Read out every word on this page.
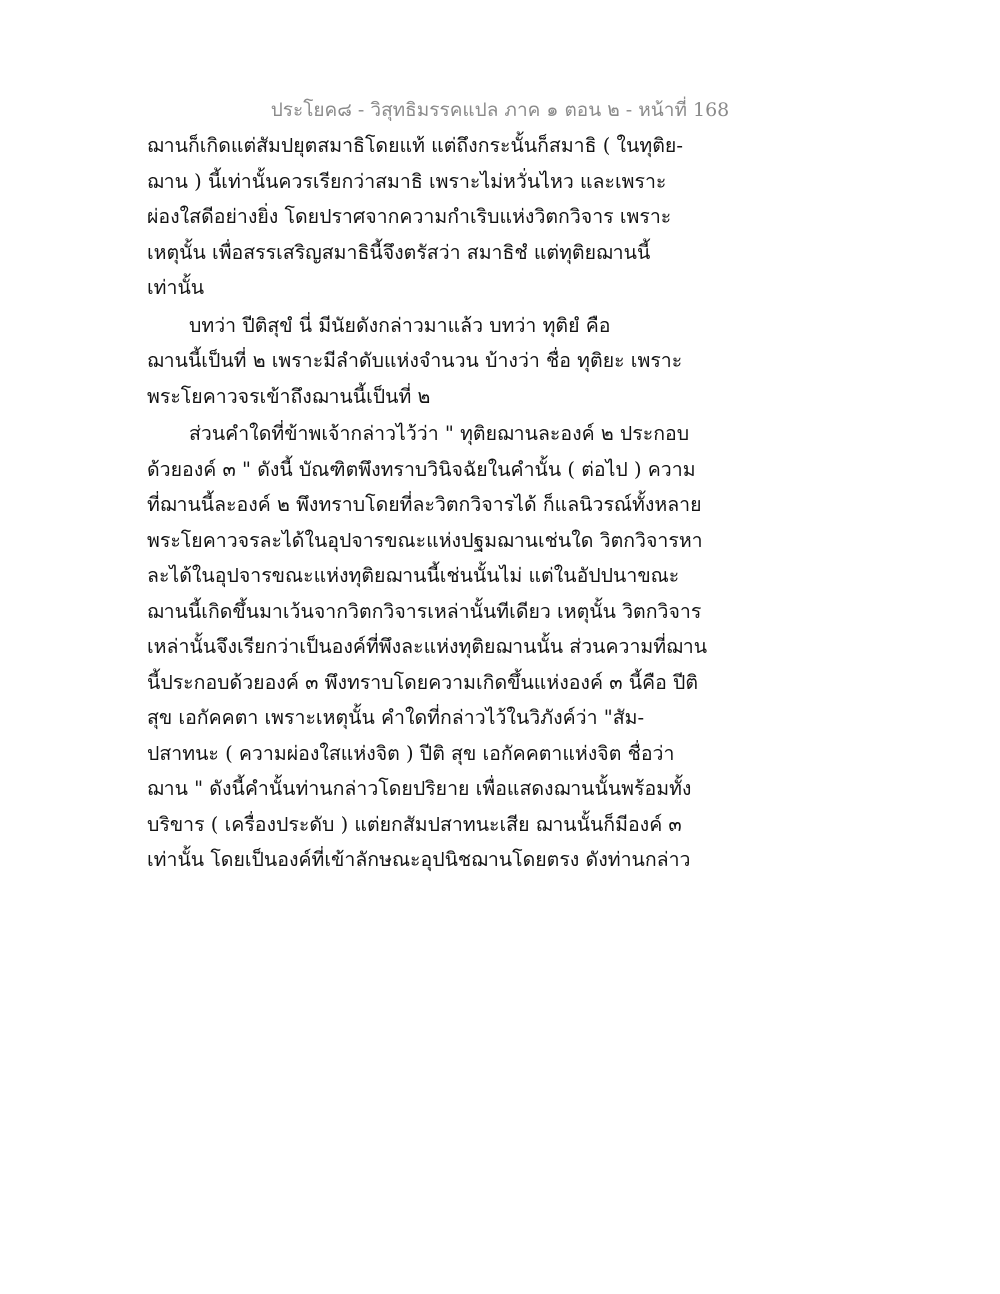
ประโยค๘ - วิสุทธิมรรคแปล ภาค ๑ ตอน ๒ - หน้าที่ 168
ฌานก็เกิดแต่สัมปยุตสมาธิโดยแท้ แต่ถึงกระนั้นก็สมาธิ ( ในทุติย-
ฌาน ) นี้เท่านั้นควรเรียกว่าสมาธิ เพราะไม่หวั่นไหว และเพราะ
ผ่องใสดีอย่างยิ่ง โดยปราศจากความกำเริบแห่งวิตกวิจาร เพราะ
เหตุนั้น เพื่อสรรเสริญสมาธินี้จึงตรัสว่า สมาธิชํ แต่ทุติยฌานนี้
เท่านั้น
บทว่า ปีติสุขํ นี่ มีนัยดังกล่าวมาแล้ว บทว่า ทุติยํ คือ
ฌานนี้เป็นที่ ๒ เพราะมีลำดับแห่งจำนวน บ้างว่า ชื่อ ทุติยะ เพราะ
พระโยคาวจรเข้าถึงฌานนี้เป็นที่ ๒
ส่วนคำใดที่ข้าพเจ้ากล่าวไว้ว่า " ทุติยฌานละองค์ ๒ ประกอบ
ด้วยองค์ ๓ " ดังนี้ บัณฑิตพึงทราบวินิจฉัยในคำนั้น ( ต่อไป ) ความ
ที่ฌานนี้ละองค์ ๒ พึงทราบโดยที่ละวิตกวิจารได้ ก็แลนิวรณ์ทั้งหลาย
พระโยคาวจรละได้ในอุปจารขณะแห่งปฐมฌานเช่นใด วิตกวิจารหา
ละได้ในอุปจารขณะแห่งทุติยฌานนี้เช่นนั้นไม่ แต่ในอัปปนาขณะ
ฌานนี้เกิดขึ้นมาเว้นจากวิตกวิจารเหล่านั้นทีเดียว เหตุนั้น วิตกวิจาร
เหล่านั้นจึงเรียกว่าเป็นองค์ที่พึงละแห่งทุติยฌานนั้น ส่วนความที่ฌาน
นี้ประกอบด้วยองค์ ๓ พึงทราบโดยความเกิดขึ้นแห่งองค์ ๓ นี้คือ ปีติ
สุข เอกัคคตา เพราะเหตุนั้น คำใดที่กล่าวไว้ในวิภังค์ว่า "สัม-
ปสาทนะ ( ความผ่องใสแห่งจิต ) ปีติ สุข เอกัคคตาแห่งจิต ชื่อว่า
ฌาน " ดังนี้คำนั้นท่านกล่าวโดยปริยาย เพื่อแสดงฌานนั้นพร้อมทั้ง
บริขาร ( เครื่องประดับ ) แต่ยกสัมปสาทนะเสีย ฌานนั้นก็มีองค์ ๓
เท่านั้น โดยเป็นองค์ที่เข้าลักษณะอุปนิชฌานโดยตรง ดังท่านกล่าว
